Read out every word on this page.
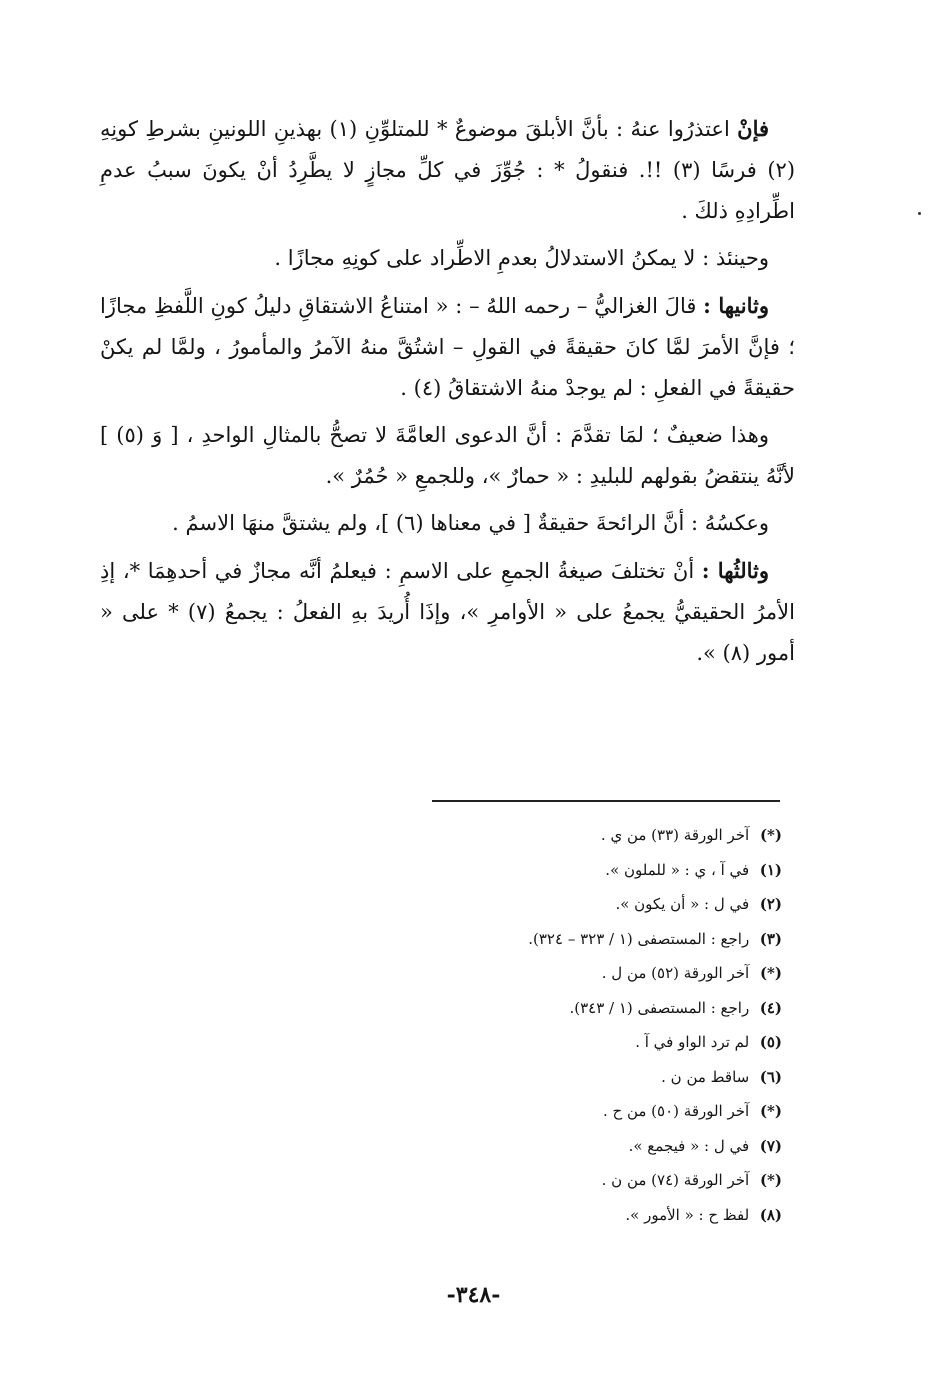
فإنْ اعتذرُوا عنهُ : بأنَّ الأبلقَ موضوعٌ * للمتلوِّنِ (١) بهذينِ اللونينِ بشرطِ كونِهِ (٢) فرسًا (٣) !!. فنقولُ * : جُوِّزَ في كلِّ مجازٍ لا يطَّرِدُ أنْ يكونَ سببُ عدمِ اطِّرادِهِ ذلكَ .

وحينئذ : لا يمكنُ الاستدلالُ بعدمِ الاطِّراد على كونِهِ مجازًا .

وثانيها : قالَ الغزاليُّ – رحمه اللهُ – : « امتناعُ الاشتقاقِ دليلُ كونِ اللَّفظِ مجازًا ؛ فإنَّ الأمرَ لمَّا كانَ حقيقةً في القولِ – اشتُقَّ منهُ الآمرُ والمأمورُ ، ولمَّا لم يكنْ حقيقةً في الفعلِ : لم يوجدْ منهُ الاشتقاقُ (٤) .

وهذا ضعيفٌ ؛ لمَا تقدَّمَ : أنَّ الدعوى العامَّةَ لا تصحُّ بالمثالِ الواحدِ ، [ وَ (٥) ] لأنَّهُ ينتقضُ بقولهم للبليدِ : « حمارٌ »، وللجمعِ « حُمُرٌ ».

وعكسُهُ : أنَّ الرائحةَ حقيقةٌ [ في معناها (٦) ]، ولم يشتقَّ منهَا الاسمُ .

وثالثُها : أنْ تختلفَ صيغةُ الجمعِ على الاسمِ : فيعلمُ أنَّه مجازٌ في أحدهِمَا *، إذِ الأمرُ الحقيقيُّ يجمعُ على « الأوامرِ »، وإذَا أُريدَ بهِ الفعلُ : يجمعُ (٧) * على « أمور (٨) ».

(*) آخر الورقة (٣٣) من ي .
(١) في آ ، ي : « للملون ».
(٢) في ل : « أن يكون ».
(٣) راجع : المستصفى (١ / ٣٢٣ – ٣٢٤).
(*) آخر الورقة (٥٢) من ل .
(٤) راجع : المستصفى (١ / ٣٤٣).
(٥) لم ترد الواو في آ .
(٦) ساقط من ن .
(*) آخر الورقة (٥٠) من ح .
(٧) في ل : « فيجمع ».
(*) آخر الورقة (٧٤) من ن .
(٨) لفظ ح : « الأمور ».
-٣٤٨-
